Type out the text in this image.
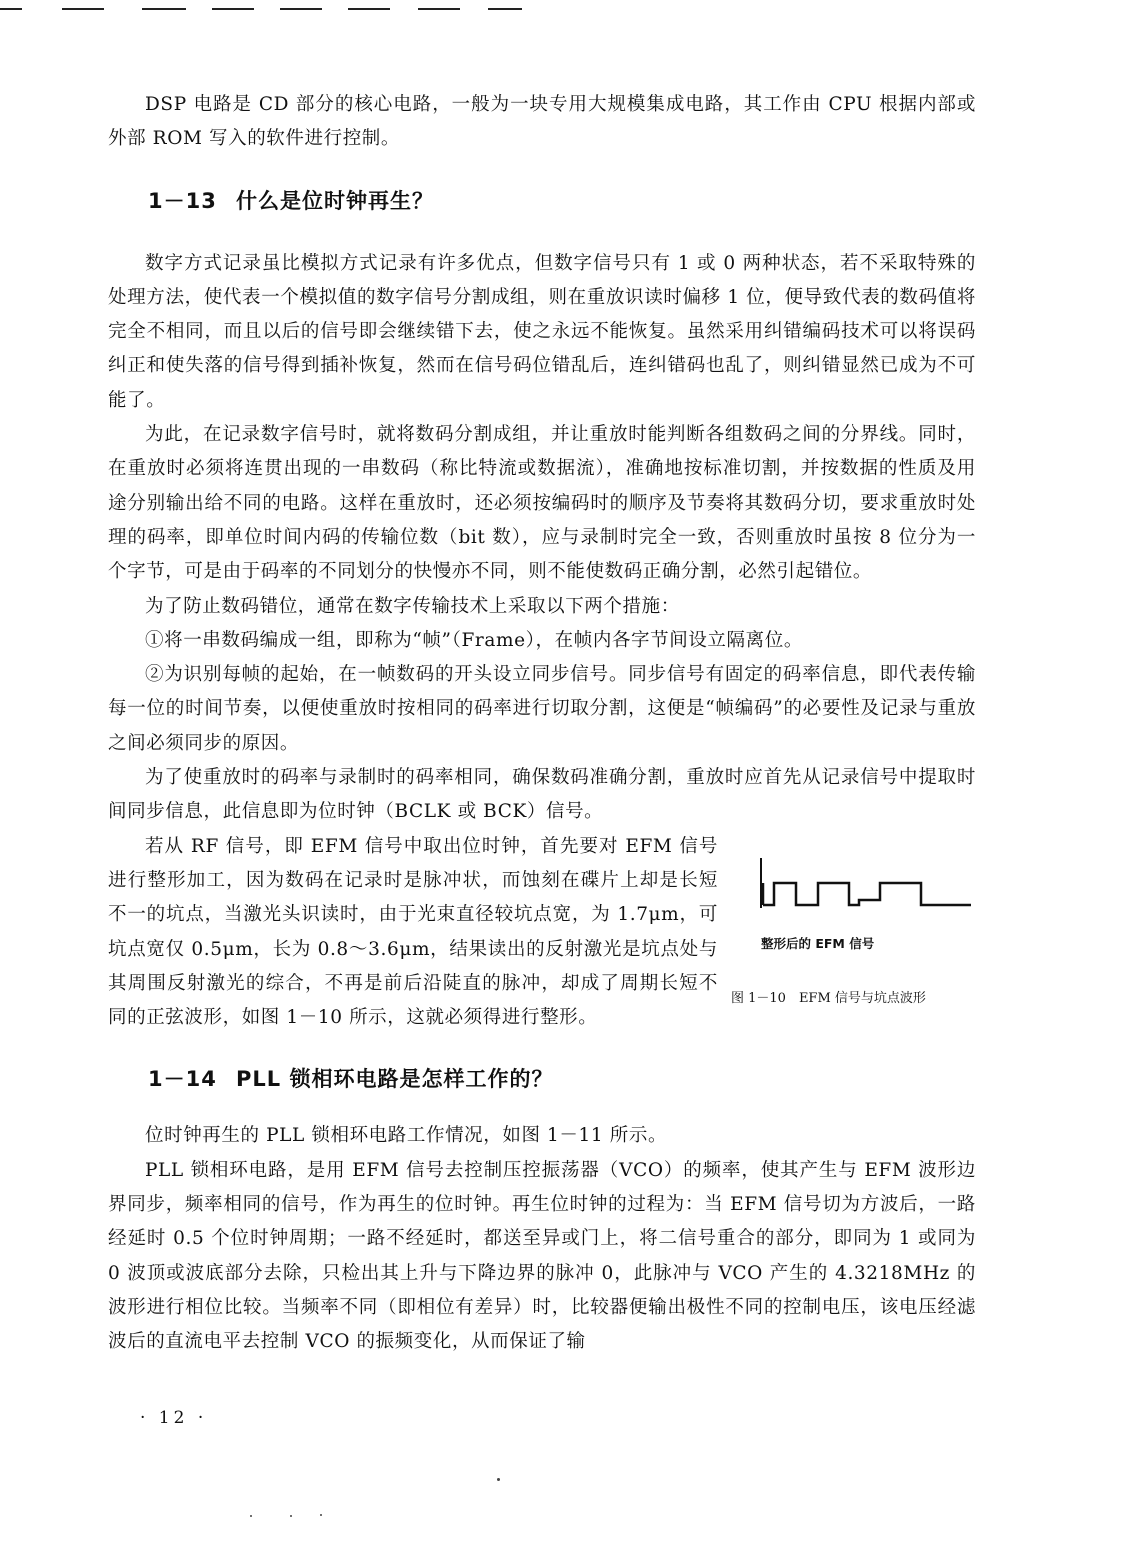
DSP 电路是 CD 部分的核心电路，一般为一块专用大规模集成电路，其工作由 CPU 根据内部或外部 ROM 写入的软件进行控制。

1－13 什么是位时钟再生？

数字方式记录虽比模拟方式记录有许多优点，但数字信号只有 1 或 0 两种状态，若不采取特殊的处理方法，使代表一个模拟值的数字信号分割成组，则在重放识读时偏移 1 位，便导致代表的数码值将完全不相同，而且以后的信号即会继续错下去，使之永远不能恢复。虽然采用纠错编码技术可以将误码纠正和使失落的信号得到插补恢复，然而在信号码位错乱后，连纠错码也乱了，则纠错显然已成为不可能了。

为此，在记录数字信号时，就将数码分割成组，并让重放时能判断各组数码之间的分界线。同时，在重放时必须将连贯出现的一串数码（称比特流或数据流），准确地按标准切割，并按数据的性质及用途分别输出给不同的电路。这样在重放时，还必须按编码时的顺序及节奏将其数码分切，要求重放时处理的码率，即单位时间内码的传输位数（bit 数），应与录制时完全一致，否则重放时虽按 8 位分为一个字节，可是由于码率的不同划分的快慢亦不同，则不能使数码正确分割，必然引起错位。

为了防止数码错位，通常在数字传输技术上采取以下两个措施：

①将一串数码编成一组，即称为“帧”（Frame），在帧内各字节间设立隔离位。

②为识别每帧的起始，在一帧数码的开头设立同步信号。同步信号有固定的码率信息，即代表传输每一位的时间节奏，以便使重放时按相同的码率进行切取分割，这便是“帧编码”的必要性及记录与重放之间必须同步的原因。

为了使重放时的码率与录制时的码率相同，确保数码准确分割，重放时应首先从记录信号中提取时间同步信息，此信息即为位时钟（BCLK 或 BCK）信号。

若从 RF 信号，即 EFM 信号中取出位时钟，首先要对 EFM 信号进行整形加工，因为数码在记录时是脉冲状，而蚀刻在碟片上却是长短不一的坑点，当激光头识读时，由于光束直径较坑点宽，为 1.7μm，可坑点宽仅 0.5μm，长为 0.8～3.6μm，结果读出的反射激光是坑点处与其周围反射激光的综合，不再是前后沿陡直的脉冲，却成了周期长短不同的正弦波形，如图 1－10 所示，这就必须得进行整形。

整形后的 EFM 信号
图 1－10　EFM 信号与坑点波形
1－14 PLL 锁相环电路是怎样工作的？

位时钟再生的 PLL 锁相环电路工作情况，如图 1－11 所示。

PLL 锁相环电路，是用 EFM 信号去控制压控振荡器（VCO）的频率，使其产生与 EFM 波形边界同步，频率相同的信号，作为再生的位时钟。再生位时钟的过程为：当 EFM 信号切为方波后，一路经延时 0.5 个位时钟周期；一路不经延时，都送至异或门上，将二信号重合的部分，即同为 1 或同为 0 波顶或波底部分去除，只检出其上升与下降边界的脉冲 0，此脉冲与 VCO 产生的 4.3218MHz 的波形进行相位比较。当频率不同（即相位有差异）时，比较器便输出极性不同的控制电压，该电压经滤波后的直流电平去控制 VCO 的振频变化，从而保证了输

· 12 ·
